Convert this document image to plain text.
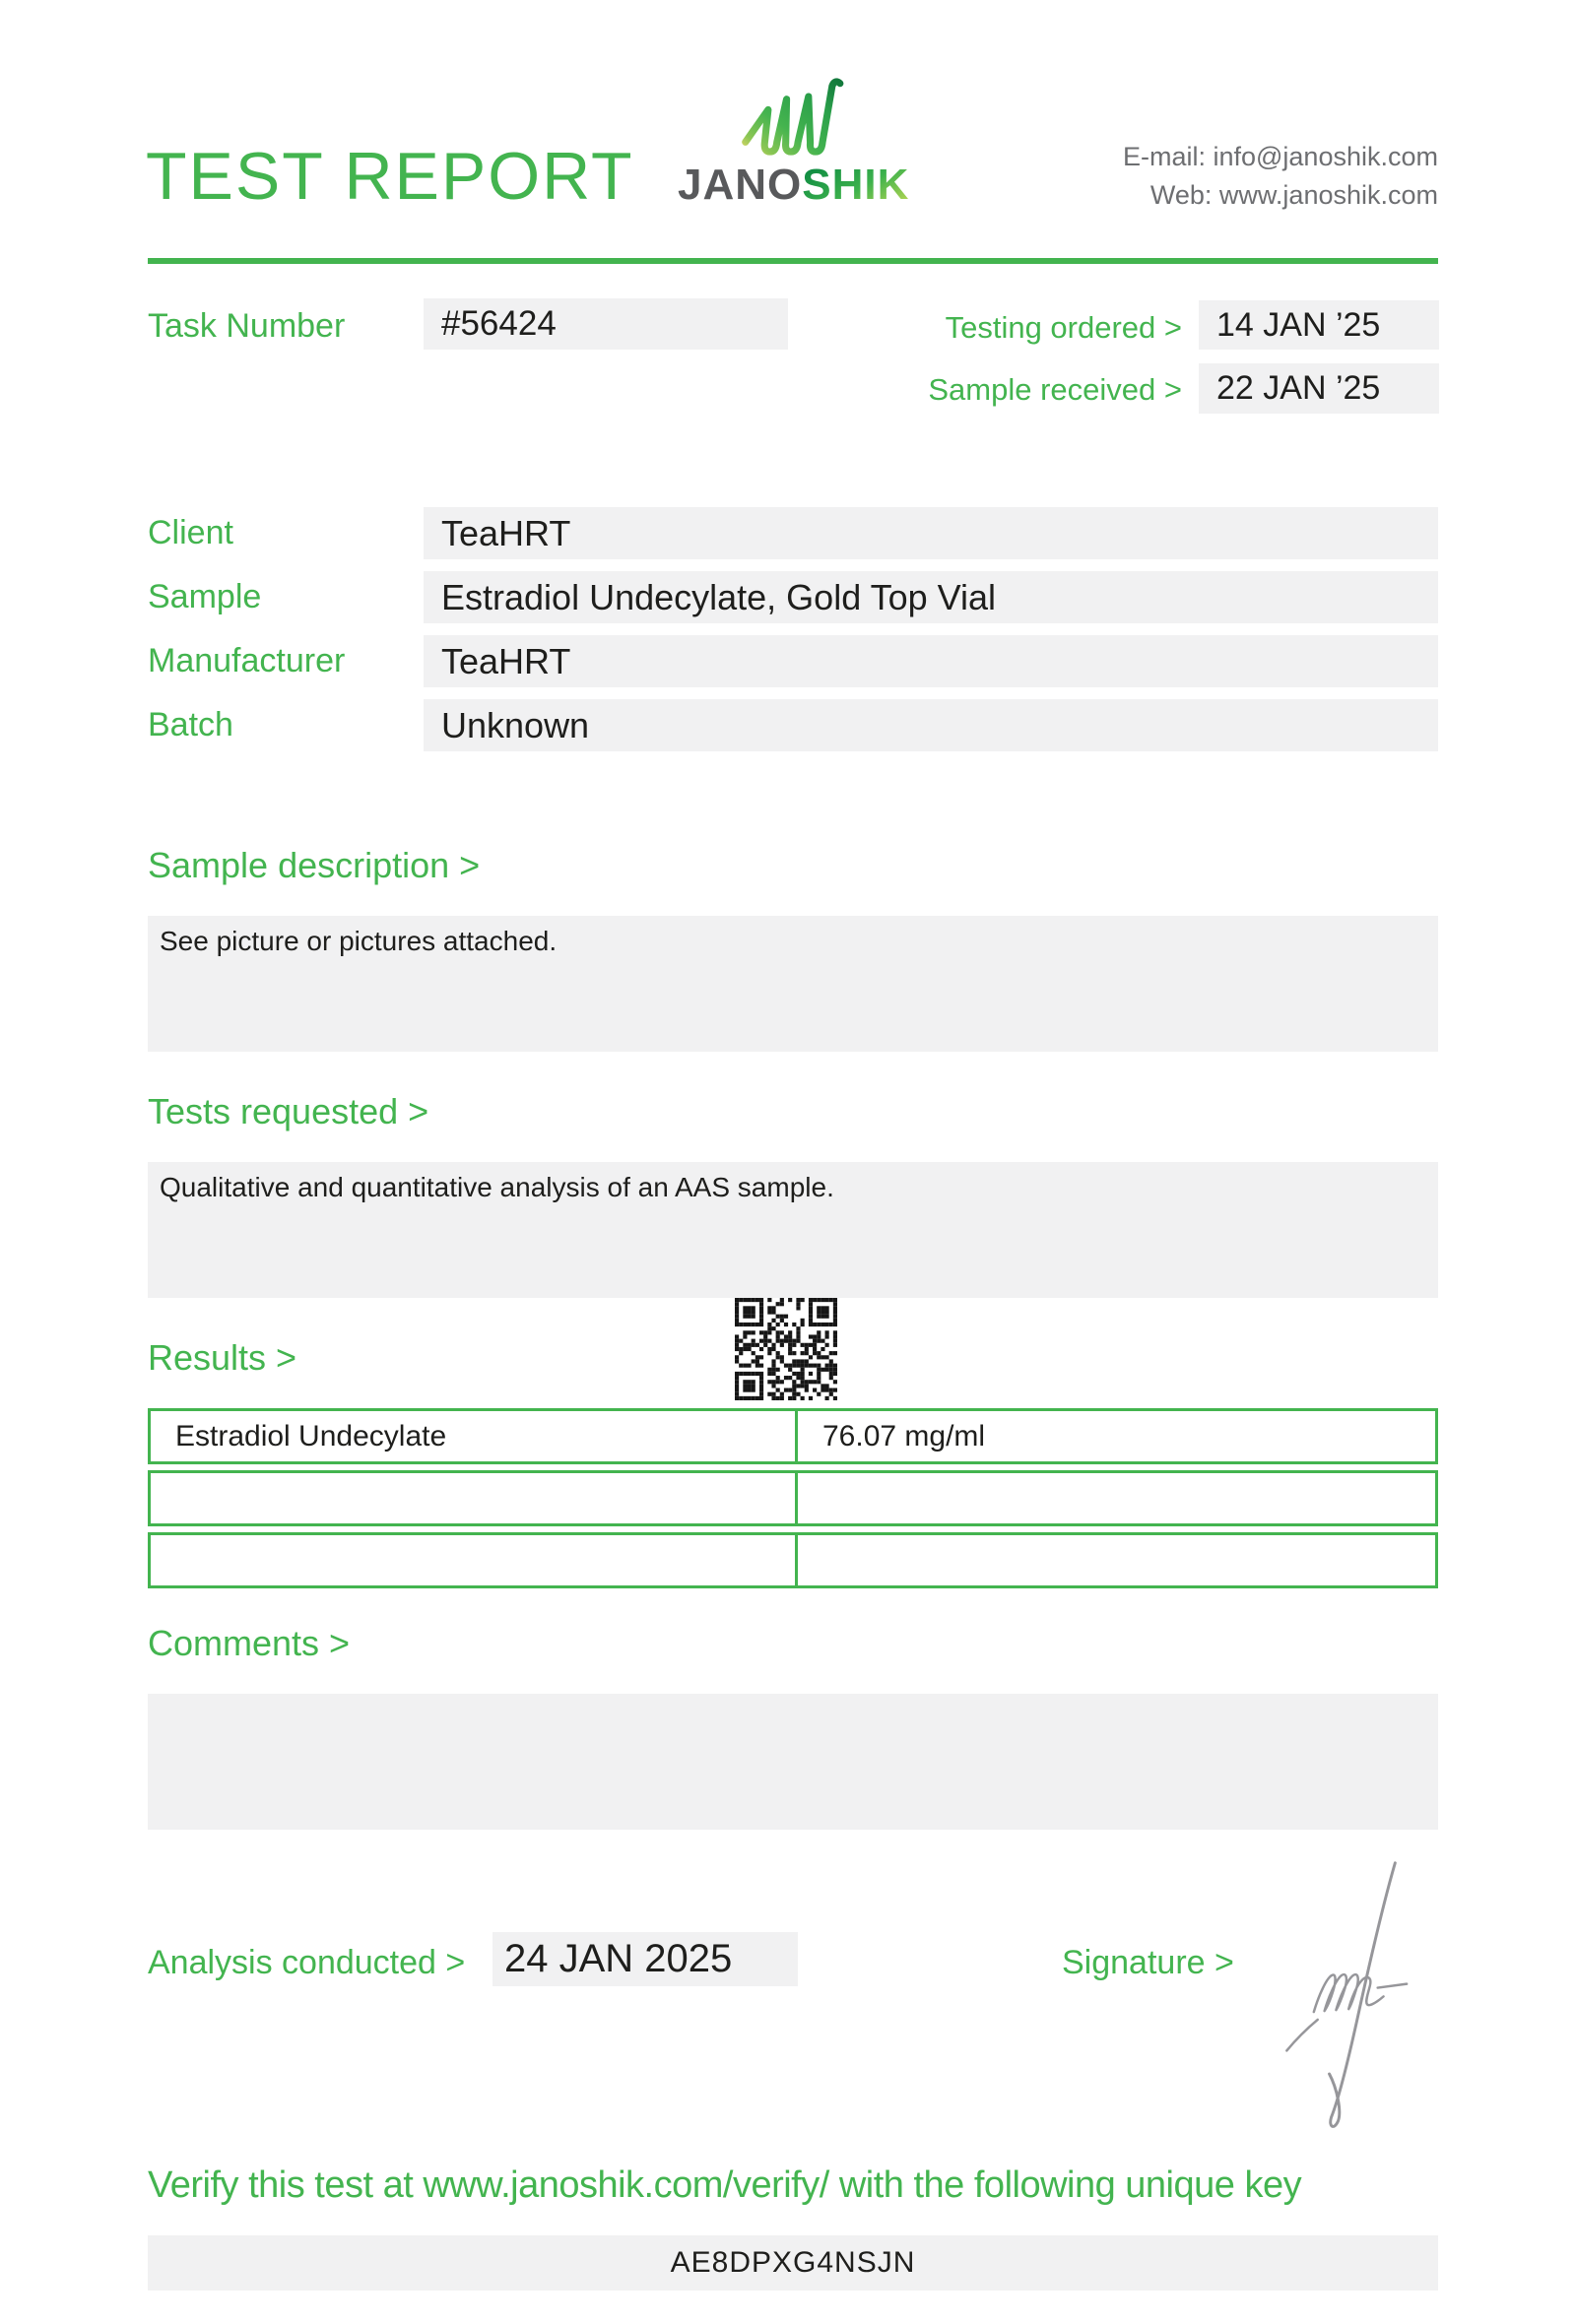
TEST REPORT JANOSHIK
E-mail: info@janoshik.com
Web: www.janoshik.com
Task Number	#56424	Testing ordered >	14 JAN ’25
Sample received >	22 JAN ’25
Client	TeaHRT
Sample	Estradiol Undecylate, Gold Top Vial
Manufacturer	TeaHRT
Batch	Unknown
Sample description >
See picture or pictures attached.
Tests requested >
Qualitative and quantitative analysis of an AAS sample.
Results >
Estradiol Undecylate	76.07 mg/ml
Comments >
Analysis conducted > 24 JAN 2025	Signature >
Verify this test at www.janoshik.com/verify/ with the following unique key
AE8DPXG4NSJN
